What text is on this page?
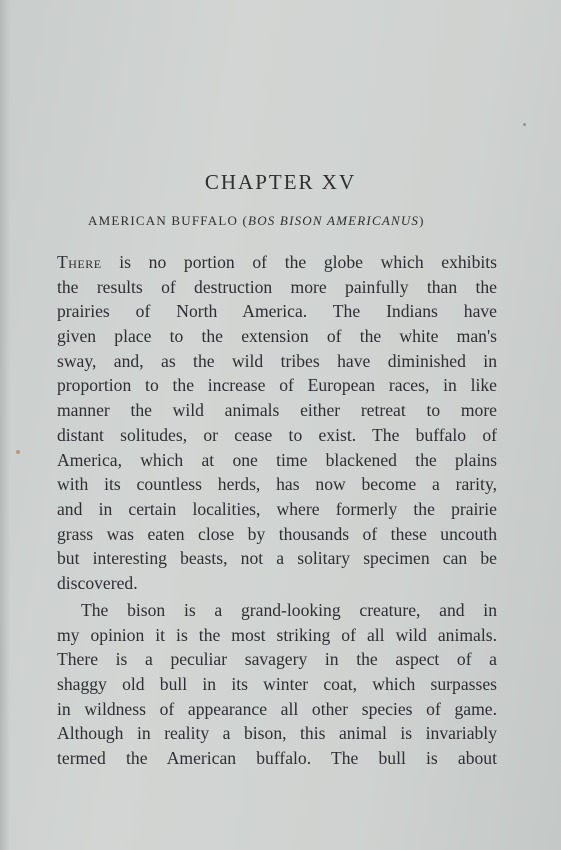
CHAPTER XV
AMERICAN BUFFALO (BOS BISON AMERICANUS)
There is no portion of the globe which exhibits
the results of destruction more painfully than the
prairies of North America. The Indians have
given place to the extension of the white man's
sway, and, as the wild tribes have diminished in
proportion to the increase of European races, in like
manner the wild animals either retreat to more
distant solitudes, or cease to exist. The buffalo of
America, which at one time blackened the plains
with its countless herds, has now become a rarity,
and in certain localities, where formerly the prairie
grass was eaten close by thousands of these uncouth
but interesting beasts, not a solitary specimen can be
discovered.
The bison is a grand-looking creature, and in
my opinion it is the most striking of all wild animals.
There is a peculiar savagery in the aspect of a
shaggy old bull in its winter coat, which surpasses
in wildness of appearance all other species of game.
Although in reality a bison, this animal is invariably
termed the American buffalo. The bull is about
